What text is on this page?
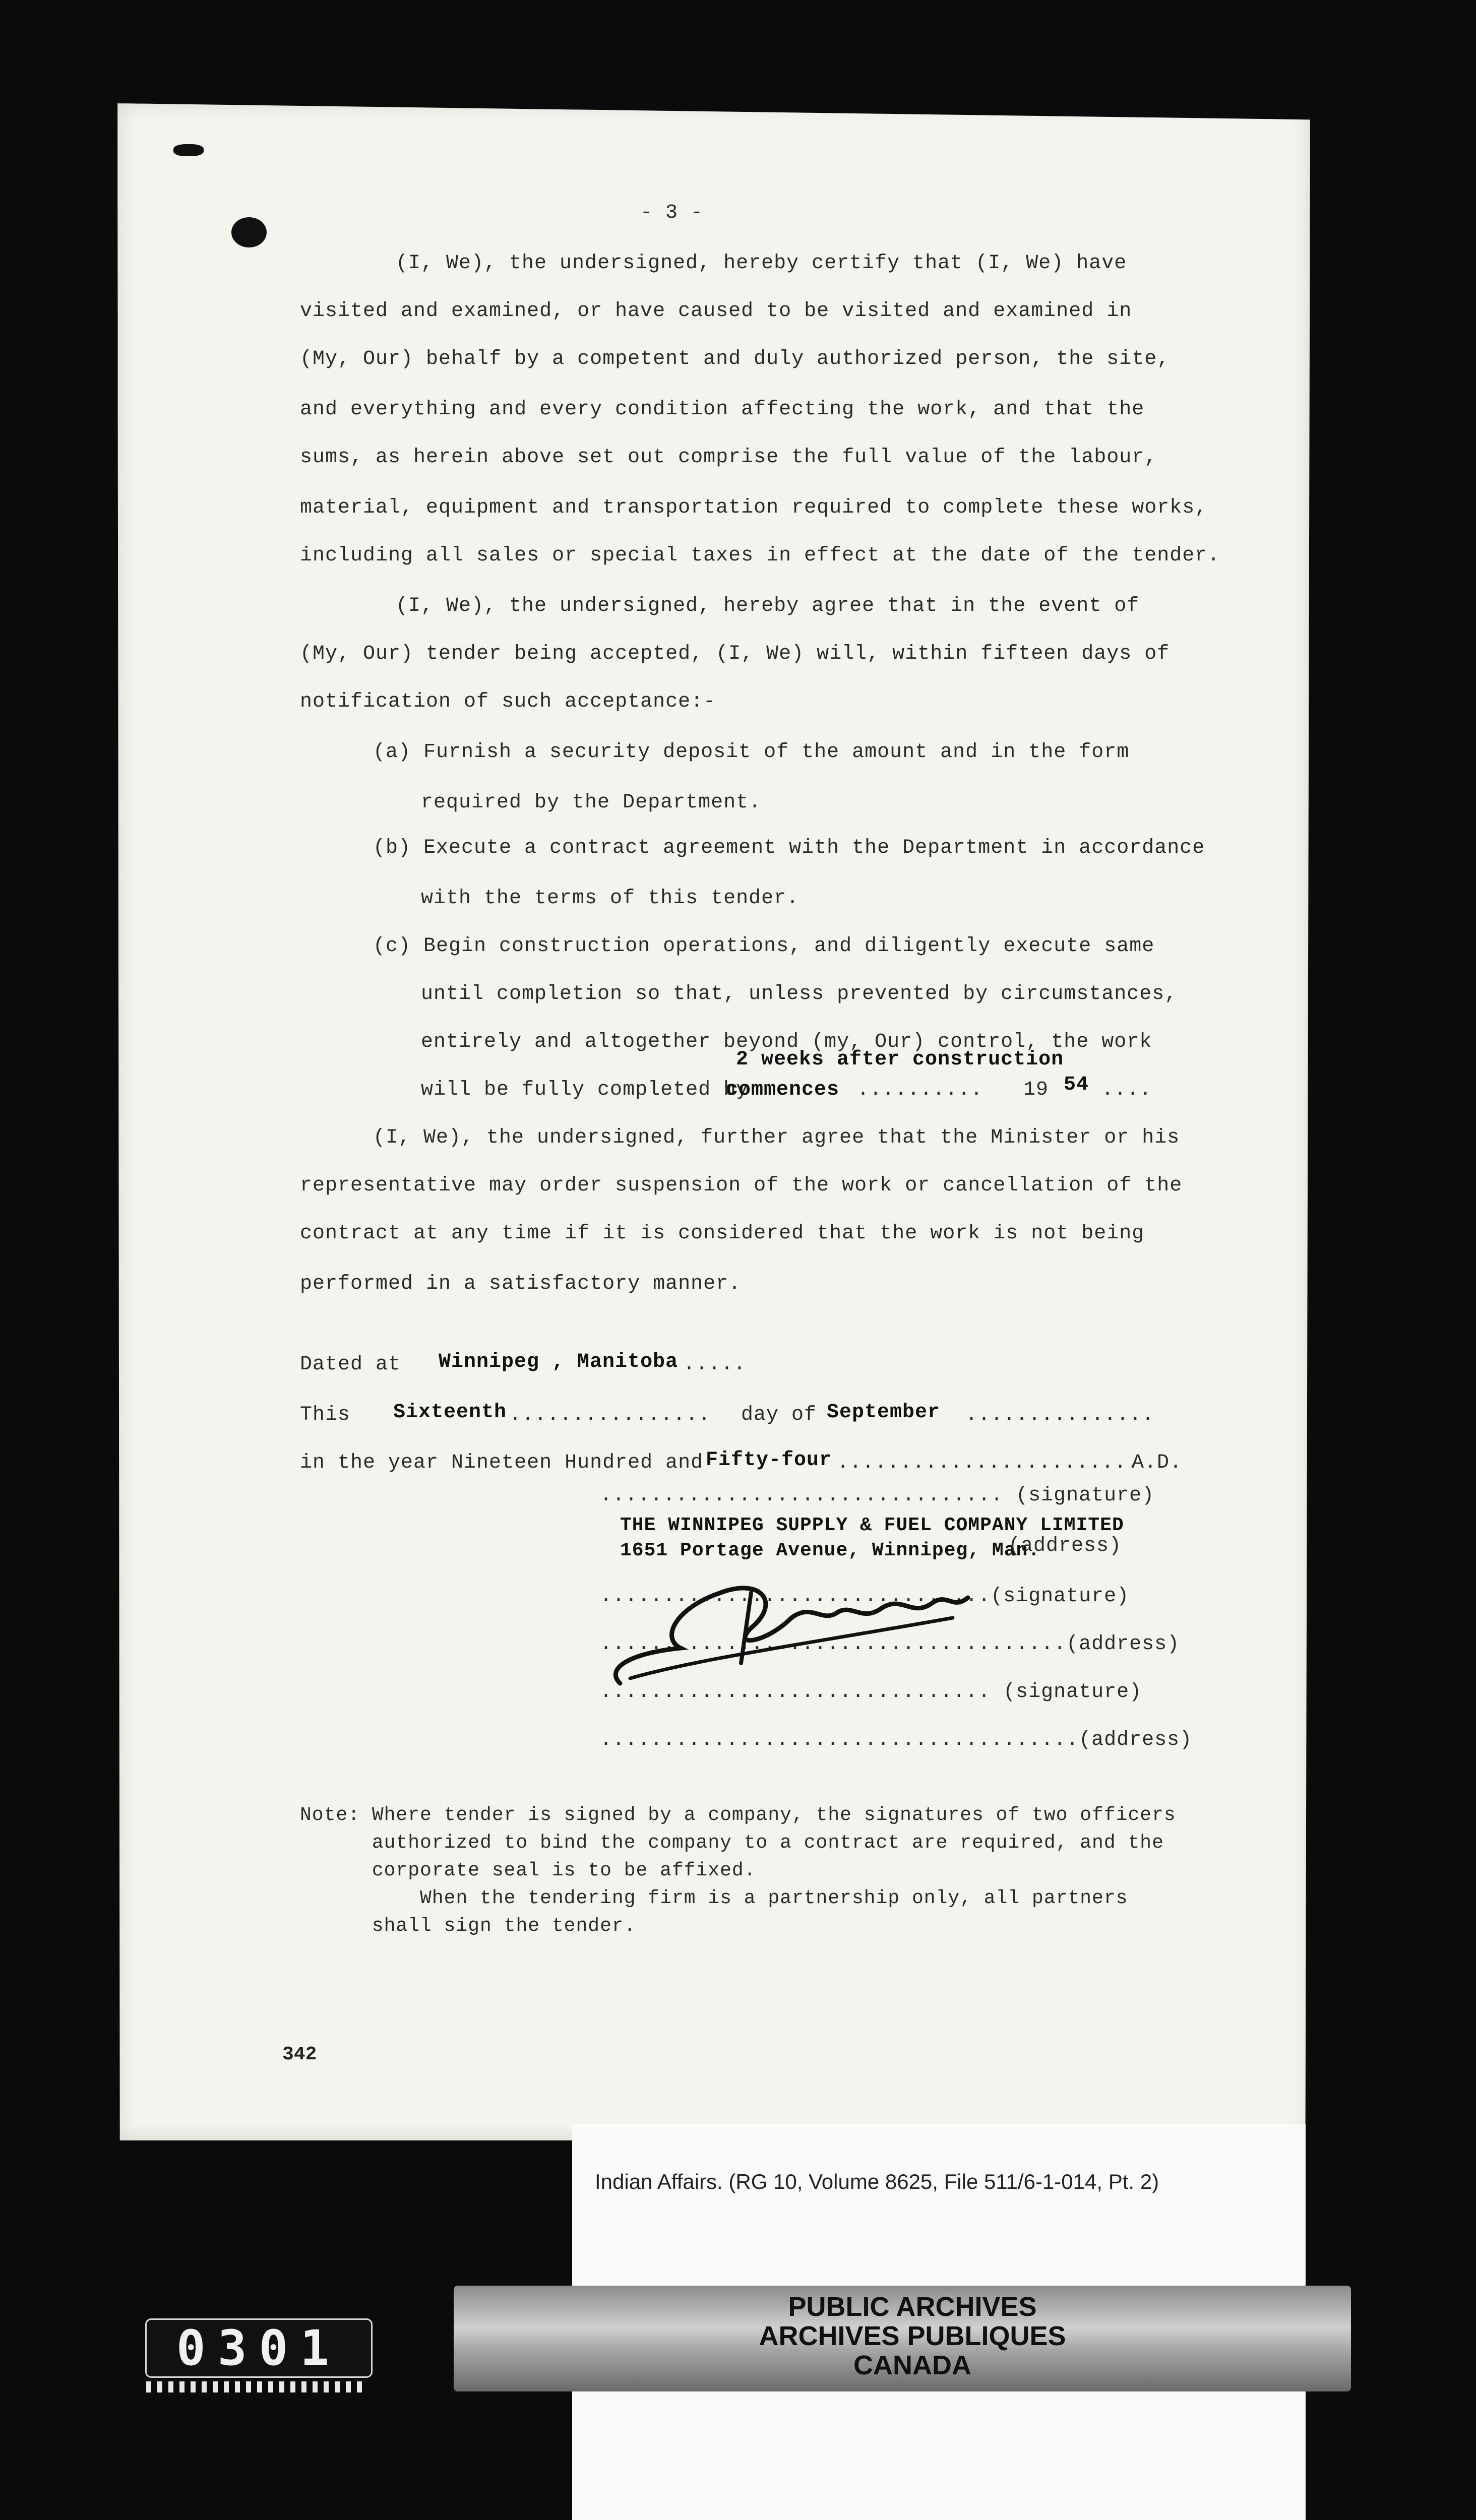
- 3 -
(I, We), the undersigned, hereby certify that (I, We) have
visited and examined, or have caused to be visited and examined in
(My, Our) behalf by a competent and duly authorized person, the site,
and everything and every condition affecting the work, and that the
sums, as herein above set out comprise the full value of the labour,
material, equipment and transportation required to complete these works,
including all sales or special taxes in effect at the date of the tender.
(I, We), the undersigned, hereby agree that in the event of
(My, Our) tender being accepted, (I, We) will, within fifteen days of
notification of such acceptance:-
(a) Furnish a security deposit of the amount and in the form
required by the Department.
(b) Execute a contract agreement with the Department in accordance
with the terms of this tender.
(c) Begin construction operations, and diligently execute same
until completion so that, unless prevented by circumstances,
entirely and altogether beyond (my, Our) control, the work
2 weeks after construction
will be fully completed by
commences .......... 19 54 ....
(I, We), the undersigned, further agree that the Minister or his
representative may order suspension of the work or cancellation of the
contract at any time if it is considered that the work is not being
performed in a satisfactory manner.
Dated at Winnipeg , Manitoba .....
This Sixteenth ................ day of September ...............
in the year Nineteen Hundred and Fifty-four ........................
A.D.
................................ (signature)
THE WINNIPEG SUPPLY & FUEL COMPANY LIMITED
1651 Portage Avenue, Winnipeg, Man.
(address)
...............................(signature)
.....................................(address)
............................... (signature)
......................................(address)
Note: Where tender is signed by a company, the signatures of two officers
authorized to bind the company to a contract are required, and the
corporate seal is to be affixed.
When the tendering firm is a partnership only, all partners
shall sign the tender.
342
Indian Affairs. (RG 10, Volume 8625, File 511/6-1-014, Pt. 2)
PUBLIC ARCHIVES
ARCHIVES PUBLIQUES
CANADA
0301
